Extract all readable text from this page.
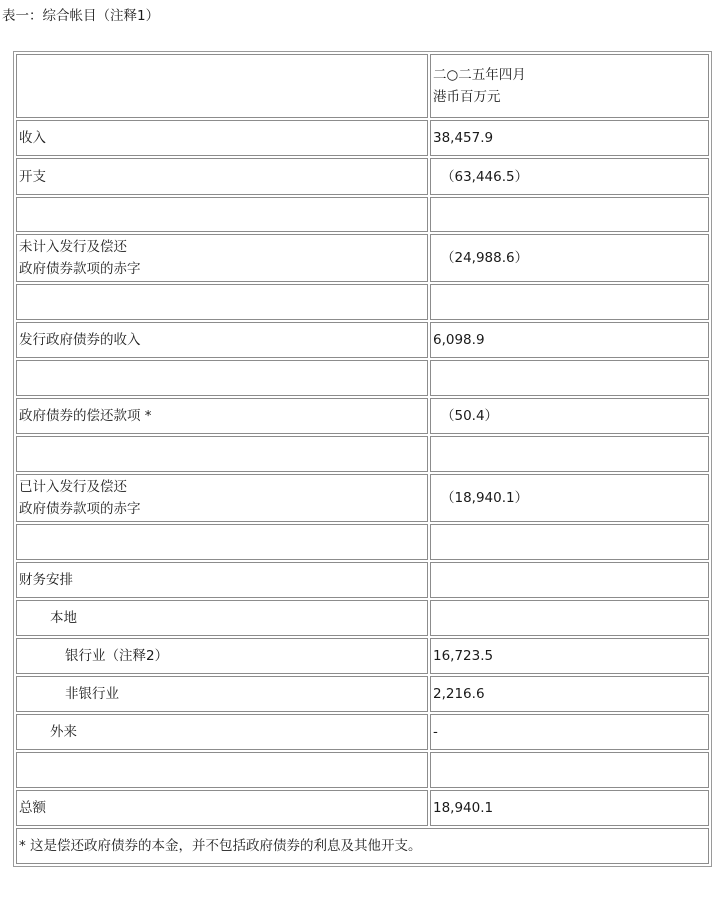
表一：综合帐目（注释1）

	二○二五年四月
港币百万元

收入	38,457.9

开支	（63,446.5）

未计入发行及偿还
政府债券款项的赤字	（24,988.6）

发行政府债券的收入	6,098.9

政府债券的偿还款项 *	（50.4）

已计入发行及偿还
政府债券款项的赤字	（18,940.1）

财务安排	

本地	

银行业（注释2）	16,723.5

非银行业	2,216.6

外来	-

总额	18,940.1
* 这是偿还政府债券的本金，并不包括政府债券的利息及其他开支。	
